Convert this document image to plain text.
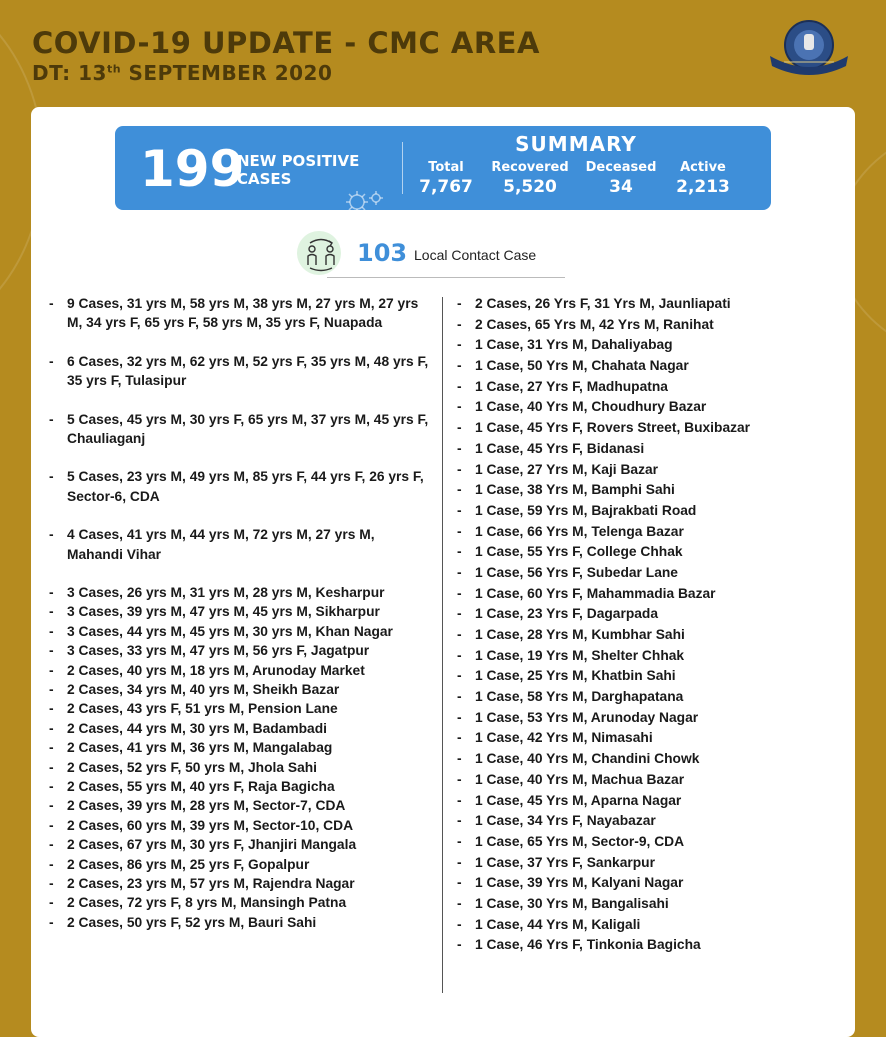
COVID-19 UPDATE - CMC AREA
DT: 13th SEPTEMBER 2020
199
NEW POSITIVE CASES
SUMMARY
Total
7,767
Recovered
5,520
Deceased
34
Active
2,213
103 Local Contact Case
- 9 Cases, 31 yrs M, 58 yrs M, 38 yrs M, 27 yrs M, 27 yrs M, 34 yrs F, 65 yrs F, 58 yrs M, 35 yrs F, Nuapada
- 6 Cases, 32 yrs M, 62 yrs M, 52 yrs F, 35 yrs M, 48 yrs F, 35 yrs F, Tulasipur
- 5 Cases, 45 yrs M, 30 yrs F, 65 yrs M, 37 yrs M, 45 yrs F, Chauliaganj
- 5 Cases, 23 yrs M, 49 yrs M, 85 yrs F, 44 yrs F, 26 yrs F, Sector-6, CDA
- 4 Cases, 41 yrs M, 44 yrs M, 72 yrs M, 27 yrs M, Mahandi Vihar
- 3 Cases, 26 yrs M, 31 yrs M, 28 yrs M, Kesharpur
- 3 Cases, 39 yrs M, 47 yrs M, 45 yrs M, Sikharpur
- 3 Cases, 44 yrs M, 45 yrs M, 30 yrs M, Khan Nagar
- 3 Cases, 33 yrs M, 47 yrs M, 56 yrs F, Jagatpur
- 2 Cases, 40 yrs M, 18 yrs M, Arunoday Market
- 2 Cases, 34 yrs M, 40 yrs M, Sheikh Bazar
- 2 Cases, 43 yrs F, 51 yrs M, Pension Lane
- 2 Cases, 44 yrs M, 30 yrs M, Badambadi
- 2 Cases, 41 yrs M, 36 yrs M, Mangalabag
- 2 Cases, 52 yrs F, 50 yrs M, Jhola Sahi
- 2 Cases, 55 yrs M, 40 yrs F, Raja Bagicha
- 2 Cases, 39 yrs M, 28 yrs M, Sector-7, CDA
- 2 Cases, 60 yrs M, 39 yrs M, Sector-10, CDA
- 2 Cases, 67 yrs M, 30 yrs F, Jhanjiri Mangala
- 2 Cases, 86 yrs M, 25 yrs F, Gopalpur
- 2 Cases, 23 yrs M, 57 yrs M, Rajendra Nagar
- 2 Cases, 72 yrs F, 8 yrs M, Mansingh Patna
- 2 Cases, 50 yrs F, 52 yrs M, Bauri Sahi
- 2 Cases, 26 Yrs F, 31 Yrs M, Jaunliapati
- 2 Cases, 65 Yrs M, 42 Yrs M, Ranihat
- 1 Case, 31 Yrs M, Dahaliyabag
- 1 Case, 50 Yrs M, Chahata Nagar
- 1 Case, 27 Yrs F, Madhupatna
- 1 Case, 40 Yrs M, Choudhury Bazar
- 1 Case, 45 Yrs F, Rovers Street, Buxibazar
- 1 Case, 45 Yrs F, Bidanasi
- 1 Case, 27 Yrs M, Kaji Bazar
- 1 Case, 38 Yrs M, Bamphi Sahi
- 1 Case, 59 Yrs M, Bajrakbati Road
- 1 Case, 66 Yrs M, Telenga Bazar
- 1 Case, 55 Yrs F, College Chhak
- 1 Case, 56 Yrs F, Subedar Lane
- 1 Case, 60 Yrs F, Mahammadia Bazar
- 1 Case, 23 Yrs F, Dagarpada
- 1 Case, 28 Yrs M, Kumbhar Sahi
- 1 Case, 19 Yrs M, Shelter Chhak
- 1 Case, 25 Yrs M, Khatbin Sahi
- 1 Case, 58 Yrs M, Darghapatana
- 1 Case, 53 Yrs M, Arunoday Nagar
- 1 Case, 42 Yrs M, Nimasahi
- 1 Case, 40 Yrs M, Chandini Chowk
- 1 Case, 40 Yrs M, Machua Bazar
- 1 Case, 45 Yrs M, Aparna Nagar
- 1 Case, 34 Yrs F, Nayabazar
- 1 Case, 65 Yrs M, Sector-9, CDA
- 1 Case, 37 Yrs F, Sankarpur
- 1 Case, 39 Yrs M, Kalyani Nagar
- 1 Case, 30 Yrs M, Bangalisahi
- 1 Case, 44 Yrs M, Kaligali
- 1 Case, 46 Yrs F, Tinkonia Bagicha
